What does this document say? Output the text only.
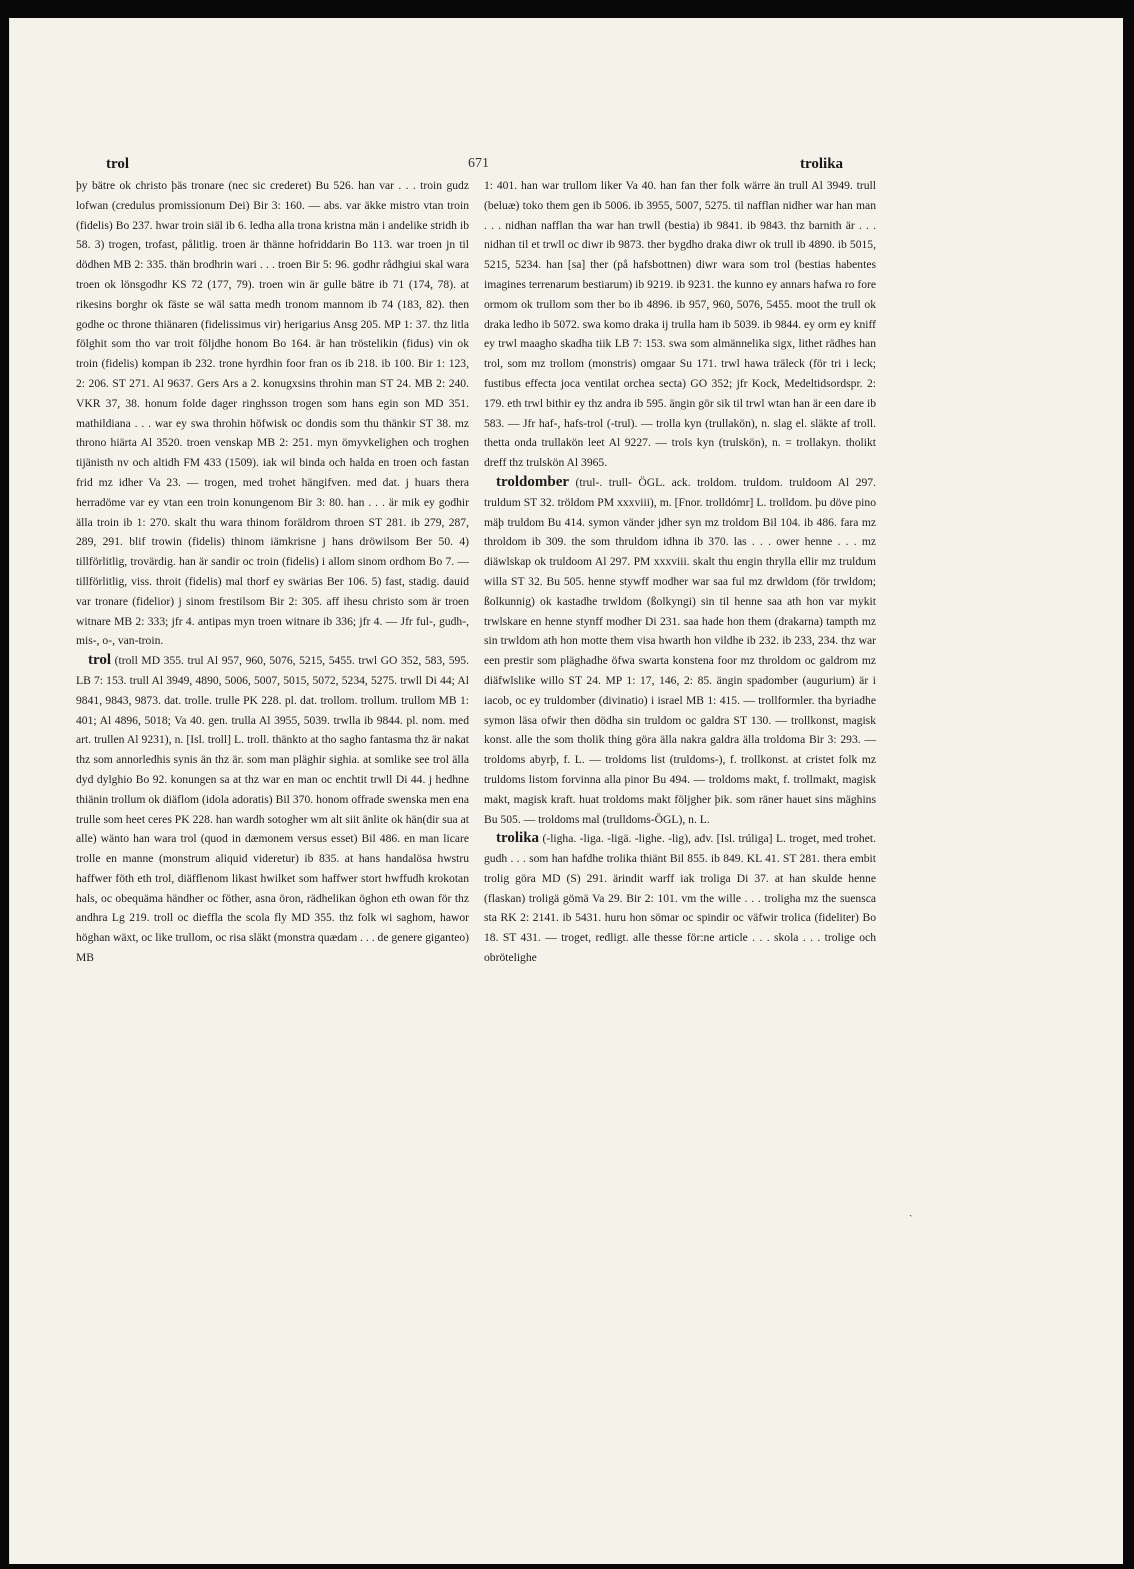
trol	671	trolika

þy bätre ok christo þäs tronare (nec sic crederet) Bu 526. han var . . . troin gudz lofwan (credulus promissionum Dei) Bir 3: 160. — abs. var äkke mistro vtan troin (fidelis) Bo 237. hwar troin siäl ib 6. ledha alla trona kristna män i andelike stridh ib 58. 3) trogen, trofast, pålitlig. troen är thänne hofriddarin Bo 113. war troen jn til dödhen MB 2: 335. thän brodhrin wari . . . troen Bir 5: 96. godhr rådhgiui skal wara troen ok lönsgodhr KS 72 (177, 79). troen win är gulle bätre ib 71 (174, 78). at rikesins borghr ok fäste se wäl satta medh tronom mannom ib 74 (183, 82). then godhe oc throne thiänaren (fidelissimus vir) herigarius Ansg 205. MP 1: 37. thz litla fölghit som tho var troit följdhe honom Bo 164. är han tröstelikin (fidus) vin ok troin (fidelis) kompan ib 232. trone hyrdhin foor fran os ib 218. ib 100. Bir 1: 123, 2: 206. ST 271. Al 9637. Gers Ars a 2. konugxsins throhin man ST 24. MB 2: 240. VKR 37, 38. honum folde dager ringhsson trogen som hans egin son MD 351. mathildiana . . . war ey swa throhin höfwisk oc dondis som thu thänkir ST 38. mz throno hiärta Al 3520. troen venskap MB 2: 251. myn ömyvkelighen och troghen tijänisth nv och altidh FM 433 (1509). iak wil binda och halda en troen och fastan frid mz idher Va 23. — trogen, med trohet hängifven. med dat. j huars thera herradöme var ey vtan een troin konungenom Bir 3: 80. han . . . är mik ey godhir älla troin ib 1: 270. skalt thu wara thinom foräldrom throen ST 281. ib 279, 287, 289, 291. blif trowin (fidelis) thinom iämkrisne j hans dröwilsom Ber 50. 4) tillförlitlig, trovärdig. han är sandir oc troin (fidelis) i allom sinom ordhom Bo 7. — tillförlitlig, viss. throit (fidelis) mal thorf ey swärias Ber 106. 5) fast, stadig. dauid var tronare (fidelior) j sinom frestilsom Bir 2: 305. aff ihesu christo som är troen witnare MB 2: 333; jfr 4. antipas myn troen witnare ib 336; jfr 4. — Jfr ful-, gudh-, mis-, o-, van-troin.

trol (troll MD 355. trul Al 957, 960, 5076, 5215, 5455. trwl GO 352, 583, 595. LB 7: 153. trull Al 3949, 4890, 5006, 5007, 5015, 5072, 5234, 5275. trwll Di 44; Al 9841, 9843, 9873. dat. trolle. trulle PK 228. pl. dat. trollom. trollum. trullom MB 1: 401; Al 4896, 5018; Va 40. gen. trulla Al 3955, 5039. trwlla ib 9844. pl. nom. med art. trullen Al 9231), n. [Isl. troll] L. troll. thänkto at tho sagho fantasma thz är nakat thz som annorledhis synis än thz är. som man pläghir sighia. at somlike see trol älla dyd dylghio Bo 92. konungen sa at thz war en man oc enchtit trwll Di 44. j hedhne thiänin trollum ok diäflom (idola adoratis) Bil 370. honom offrade swenska men ena trulle som heet ceres PK 228. han wardh sotogher wm alt siit änlite ok hän(dir sua at alle) wänto han wara trol (quod in dæmonem versus esset) Bil 486. en man licare trolle en manne (monstrum aliquid videretur) ib 835. at hans handalösa hwstru haffwer föth eth trol, diäfflenom likast hwilket som haffwer stort hwffudh krokotan hals, oc obequäma händher oc föther, asna öron, rädhelikan öghon eth owan för thz andhra Lg 219. troll oc dieffla the scola fly MD 355. thz folk wi saghom, hawor höghan wäxt, oc like trullom, oc risa släkt (monstra quædam . . . de genere giganteo) MB

1: 401. han war trullom liker Va 40. han fan ther folk wärre än trull Al 3949. trull (beluæ) toko them gen ib 5006. ib 3955, 5007, 5275. til nafflan nidher war han man . . . nidhan nafflan tha war han trwll (bestia) ib 9841. ib 9843. thz barnith är . . . nidhan til et trwll oc diwr ib 9873. ther bygdho draka diwr ok trull ib 4890. ib 5015, 5215, 5234. han [sa] ther (på hafsbottnen) diwr wara som trol (bestias habentes imagines terrenarum bestiarum) ib 9219. ib 9231. the kunno ey annars hafwa ro fore ormom ok trullom som ther bo ib 4896. ib 957, 960, 5076, 5455. moot the trull ok draka ledho ib 5072. swa komo draka ij trulla ham ib 5039. ib 9844. ey orm ey kniff ey trwl maagho skadha tiik LB 7: 153. swa som almännelika sigx, lithet rädhes han trol, som mz trollom (monstris) omgaar Su 171. trwl hawa träleck (för tri i leck; fustibus effecta joca ventilat orchea secta) GO 352; jfr Kock, Medeltidsordspr. 2: 179. eth trwl bithir ey thz andra ib 595. ängin gör sik til trwl wtan han är een dare ib 583. — Jfr haf-, hafs-trol (-trul). — trolla kyn (trullakön), n. slag el. släkte af troll. thetta onda trullakön leet Al 9227. — trols kyn (trulskön), n. = trollakyn. tholikt dreff thz trulskön Al 3965.

troldomber (trul-. trull- ÖGL. ack. troldom. truldom. truldoom Al 297. truldum ST 32. tröldom PM xxxviii), m. [Fnor. trolldómr] L. trolldom. þu döve pino mäþ truldom Bu 414. symon vänder jdher syn mz troldom Bil 104. ib 486. fara mz throldom ib 309. the som thruldom idhna ib 370. las . . . ower henne . . . mz diäwlskap ok truldoom Al 297. PM xxxviii. skalt thu engin thrylla ellir mz truldum willa ST 32. Bu 505. henne stywff modher war saa ful mz drwldom (för trwldom; ßolkunnig) ok kastadhe trwldom (ßolkyngi) sin til henne saa ath hon var mykit trwlskare en henne stynff modher Di 231. saa hade hon them (drakarna) tampth mz sin trwldom ath hon motte them visa hwarth hon vildhe ib 232. ib 233, 234. thz war een prestir som pläghadhe öfwa swarta konstena foor mz throldom oc galdrom mz diäfwlslike willo ST 24. MP 1: 17, 146, 2: 85. ängin spadomber (augurium) är i iacob, oc ey truldomber (divinatio) i israel MB 1: 415. — trollformler. tha byriadhe symon läsa ofwir then dödha sin truldom oc galdra ST 130. — trollkonst, magisk konst. alle the som tholik thing göra älla nakra galdra älla troldoma Bir 3: 293. — troldoms abyrþ, f. L. — troldoms list (truldoms-), f. trollkonst. at cristet folk mz truldoms listom forvinna alla pinor Bu 494. — troldoms makt, f. trollmakt, magisk makt, magisk kraft. huat troldoms makt följgher þik. som räner hauet sins mäghins Bu 505. — troldoms mal (trulldoms-ÖGL), n. L.

trolika (-ligha. -liga. -ligä. -lighe. -lig), adv. [Isl. trúliga] L. troget, med trohet. gudh . . . som han hafdhe trolika thiänt Bil 855. ib 849. KL 41. ST 281. thera embit trolig göra MD (S) 291. ärindit warff iak troliga Di 37. at han skulde henne (flaskan) troligä gömä Va 29. Bir 2: 101. vm the wille . . . troligha mz the suensca sta RK 2: 2141. ib 5431. huru hon sömar oc spindir oc väfwir trolica (fideliter) Bo 18. ST 431. — troget, redligt. alle thesse för:ne article . . . skola . . . trolige och obrötelighе

ˎ
